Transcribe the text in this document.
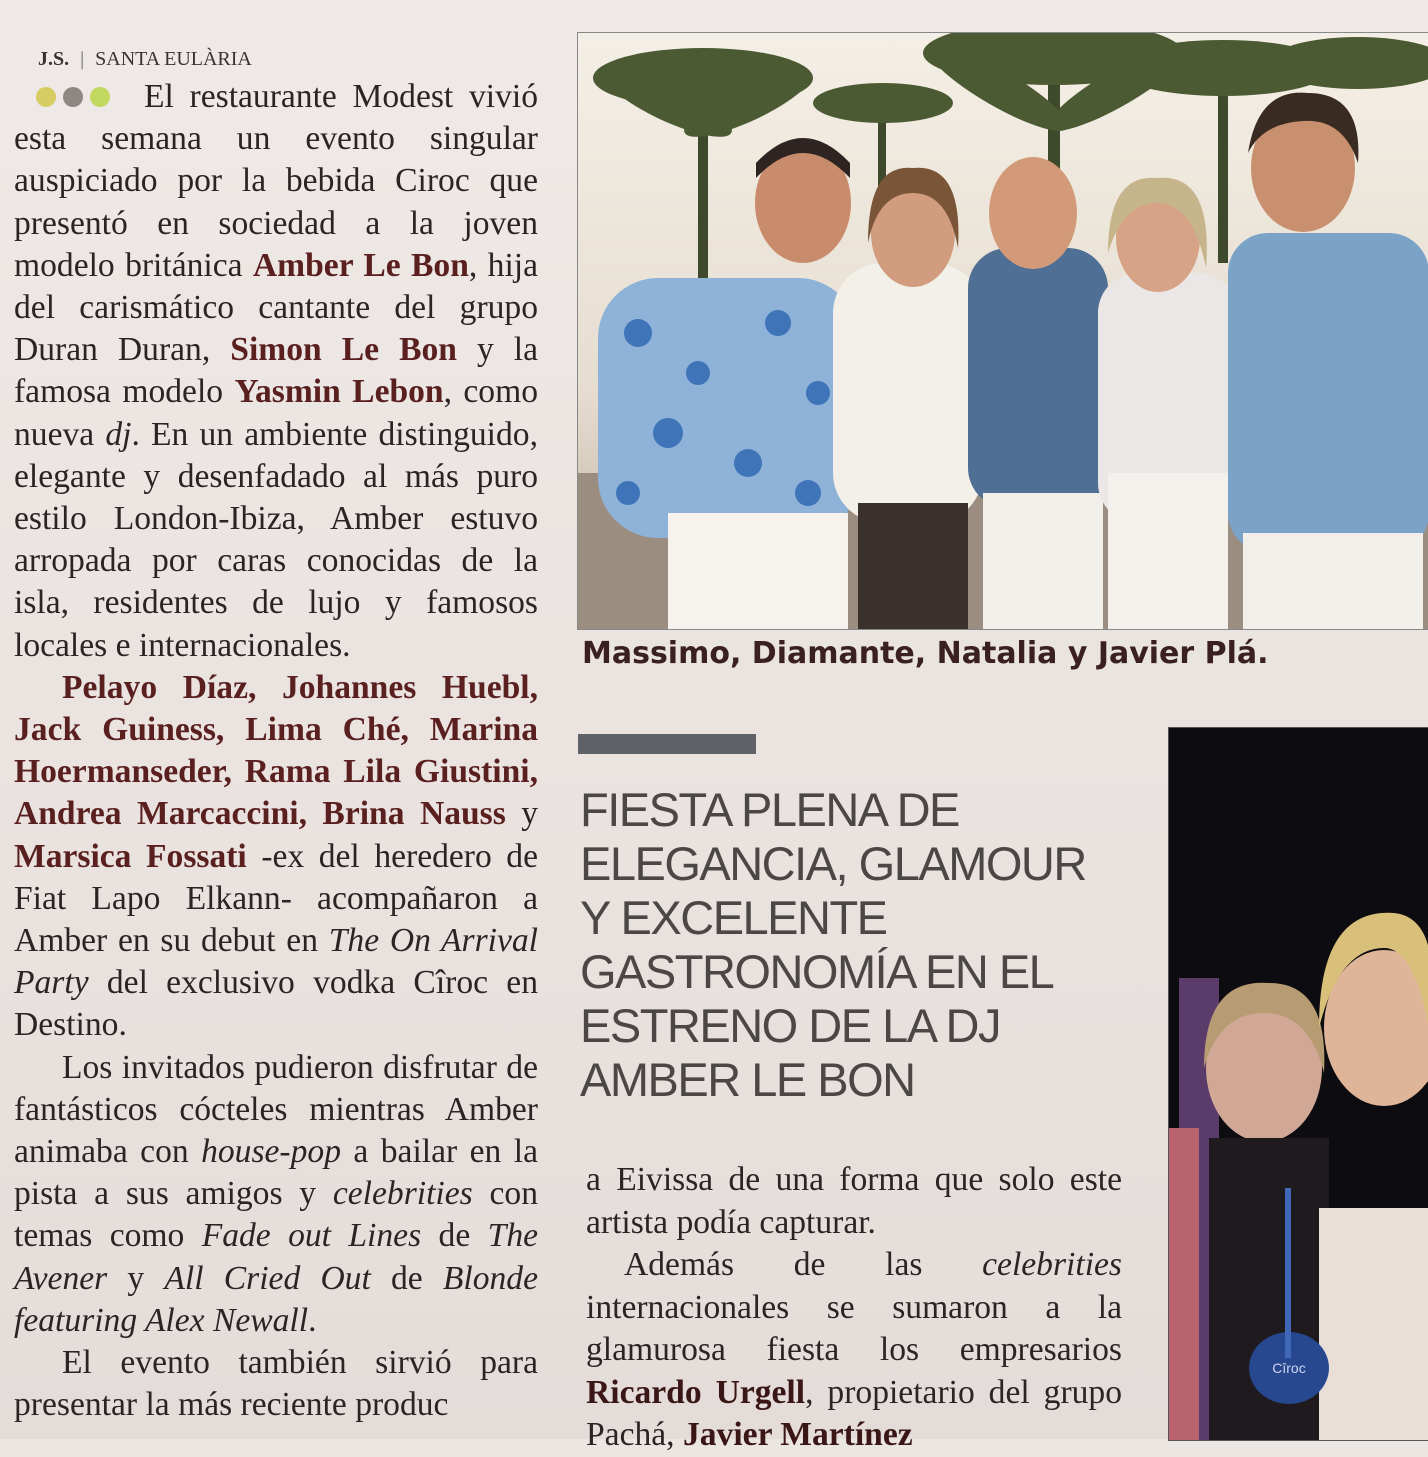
J.S. | SANTA EULÀRIA

El restaurante Modest vivió esta semana un evento singular auspiciado por la bebida Ciroc que presentó en sociedad a la joven modelo británica Amber Le Bon, hija del carismático cantante del grupo Duran Duran, Simon Le Bon y la famosa modelo Yasmin Lebon, como nueva dj. En un ambiente distinguido, elegante y desenfadado al más puro estilo London-Ibiza, Amber estuvo arropada por caras conocidas de la isla, residentes de lujo y famosos locales e internacionales.

Pelayo Díaz, Johannes Huebl, Jack Guiness, Lima Ché, Marina Hoermanseder, Rama Lila Giustini, Andrea Marcaccini, Brina Nauss y Marsica Fossati -ex del heredero de Fiat Lapo Elkann- acompañaron a Amber en su debut en The On Arrival Party del exclusivo vodka Cîroc en Destino.

Los invitados pudieron disfrutar de fantásticos cócteles mientras Amber animaba con house-pop a bailar en la pista a sus amigos y celebrities con temas como Fade out Lines de The Avener y All Cried Out de Blonde featuring Alex Newall.

El evento también sirvió para presentar la más reciente produc

Massimo, Diamante, Natalia y Javier Plá.
FIESTA PLENA DE
ELEGANCIA, GLAMOUR
Y EXCELENTE
GASTRONOMÍA EN EL
ESTRENO DE LA DJ
AMBER LE BON

a Eivissa de una forma que solo este artista podía capturar.

Además de las celebrities internacionales se sumaron a la glamurosa fiesta los empresarios Ricardo Urgell, propietario del grupo Pachá, Javier Martínez

Cîroc
